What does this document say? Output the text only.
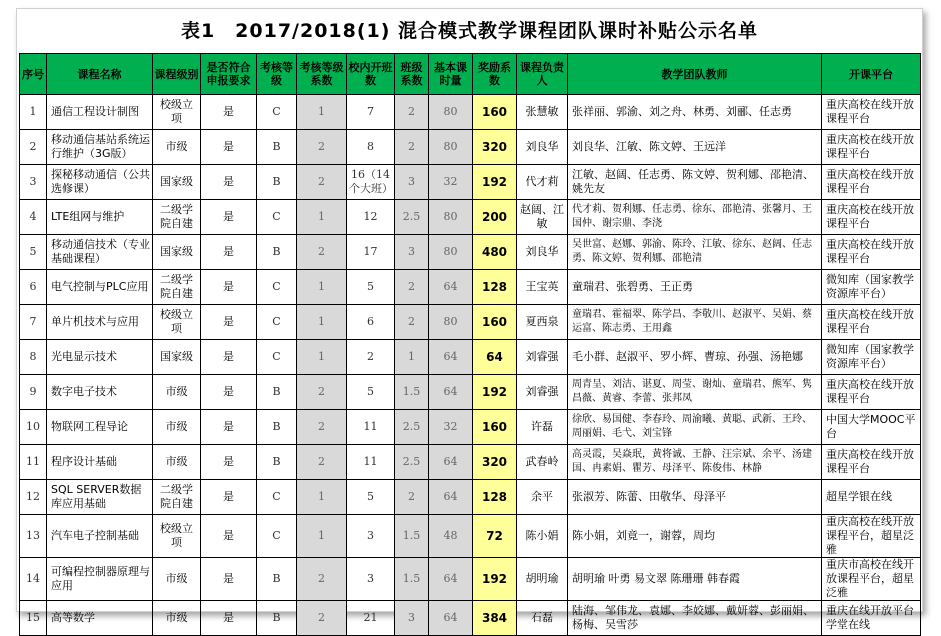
表1　2017/2018(1) 混合模式教学课程团队课时补贴公示名单
序号	课程名称	课程级别	是否符合申报要求	考核等级	考核等级系数	校内开班数	班级系数	基本课时量	奖励系数	课程负责人	教学团队教师	开课平台
1	通信工程设计制图	校级立项	是	C	1	7	2	80	160	张慧敏	张祥丽、郭渝、刘之舟、林勇、刘郦、任志勇	重庆高校在线开放课程平台
2	移动通信基站系统运行维护（3G版）	市级	是	B	2	8	2	80	320	刘良华	刘良华、江敏、陈文婷、王远洋	重庆高校在线开放课程平台
3	探秘移动通信（公共选修课）	国家级	是	B	2	16（14个大班）	3	32	192	代才莉	江敏、赵阔、任志勇、陈文婷、贺利娜、邵艳清、姚先友	重庆高校在线开放课程平台
4	LTE组网与维护	二级学院自建	是	C	1	12	2.5	80	200	赵阔、江敏	代才莉、贺利娜、任志勇、徐东、邵艳清、张馨月、王国仲、谢宗鼎、李浇	重庆高校在线开放课程平台
5	移动通信技术（专业基础课程）	国家级	是	B	2	17	3	80	480	刘良华	吴世富、赵娜、郭渝、陈玲、江敏、徐东、赵阔、任志勇、陈文婷、贺利娜、邵艳清	重庆高校在线开放课程平台
6	电气控制与PLC应用	二级学院自建	是	C	1	5	2	64	128	王宝英	童瑞君、张碧勇、王正勇	微知库（国家教学资源库平台）
7	单片机技术与应用	校级立项	是	C	1	6	2	80	160	夏西泉	童瑞君、霍福翠、陈学昌、李敬川、赵淑平、吴娟、蔡运富、陈志勇、王用鑫	重庆高校在线开放课程平台
8	光电显示技术	国家级	是	C	1	2	1	64	64	刘睿强	毛小群、赵淑平、罗小辉、曹琼、孙强、汤艳娜	微知库（国家教学资源库平台）
9	数字电子技术	市级	是	B	2	5	1.5	64	192	刘睿强	周青呈、刘洁、谌夏、周莹、谢灿、童瑞君、熊军、隽昌薇、黄睿、李蕾、张邦凤	重庆高校在线开放课程平台
10	物联网工程导论	市级	是	B	2	11	2.5	32	160	许磊	徐欣、易国健、李春玲、周渝曦、黄聪、武新、王玲、周丽娟、毛弋、刘宝锋	中国大学MOOC平台
11	程序设计基础	市级	是	B	2	11	2.5	64	320	武春岭	高灵霞，吴焱珉，黄将诚、王静、汪宗斌、余平、汤建国、冉素娟、瞿芳、母泽平、陈俊伟、林静	重庆高校在线开放课程平台
12	SQL SERVER数据库应用基础	二级学院自建	是	C	1	5	2	64	128	余平	张淑芳、陈蕾、田敬华、母泽平	超星学银在线
13	汽车电子控制基础	校级立项	是	C	1	3	1.5	48	72	陈小娟	陈小娟，刘竟一，谢蓉，周均	重庆高校在线开放课程平台，超星泛雅
14	可编程控制器原理与应用	市级	是	B	2	3	1.5	64	192	胡明瑜	胡明瑜 叶勇 易文翠 陈珊珊 韩春霞	重庆市高校在线开放课程平台，超星泛雅
15	高等数学	市级	是	B	2	21	3	64	384	石磊	陆海、邹伟龙、袁娜、李姣娜、戴妍蓉、彭丽娟、杨梅、吴雪莎	重庆在线开放平台学堂在线
